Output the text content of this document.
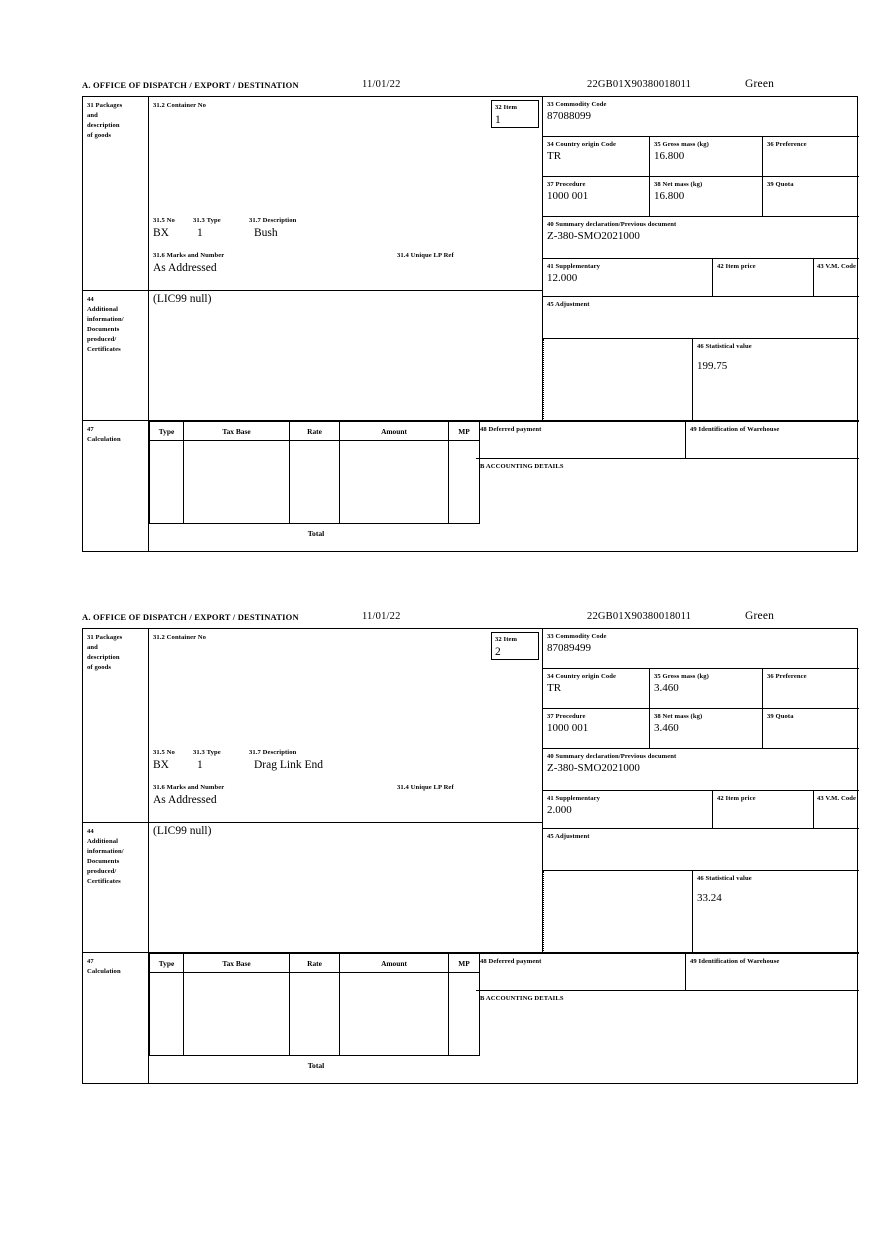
A. OFFICE OF DISPATCH / EXPORT / DESTINATION	11/01/22	22GB01X90380018011	Green
31 Packages
and
description
of goods
31.2 Container No
31.5 No	31.3 Type	31.7 Description
BX 1	Bush
31.6 Marks and Number
As Addressed
31.4 Unique LP Ref
32 Item
1
33 Commodity Code
87088099
34 Country origin Code
TR
35 Gross mass (kg)
16.800
36 Preference
37 Procedure
1000 001
38 Net mass (kg)
16.800
39 Quota
40 Summary declaration/Previous document
Z-380-SMO2021000
41 Supplementary
12.000
42 Item price	43 V.M. Code
45 Adjustment
46 Statistical value
199.75
44
Additional
information/
Documents
produced/
Certificates
(LIC99 null)
47
Calculation
Type	Tax Base	Rate	Amount	MP

	Total			
48 Deferred payment	49 Identification of Warehouse
B ACCOUNTING DETAILS
A. OFFICE OF DISPATCH / EXPORT / DESTINATION	11/01/22	22GB01X90380018011	Green
31 Packages
and
description
of goods
31.2 Container No
31.5 No	31.3 Type	31.7 Description
BX 1	Drag Link End
31.6 Marks and Number
As Addressed
31.4 Unique LP Ref
32 Item
2
33 Commodity Code
87089499
34 Country origin Code
TR
35 Gross mass (kg)
3.460
36 Preference
37 Procedure
1000 001
38 Net mass (kg)
3.460
39 Quota
40 Summary declaration/Previous document
Z-380-SMO2021000
41 Supplementary
2.000
42 Item price	43 V.M. Code
45 Adjustment
46 Statistical value
33.24
44
Additional
information/
Documents
produced/
Certificates
(LIC99 null)
47
Calculation
Type	Tax Base	Rate	Amount	MP

	Total			
48 Deferred payment	49 Identification of Warehouse
B ACCOUNTING DETAILS
